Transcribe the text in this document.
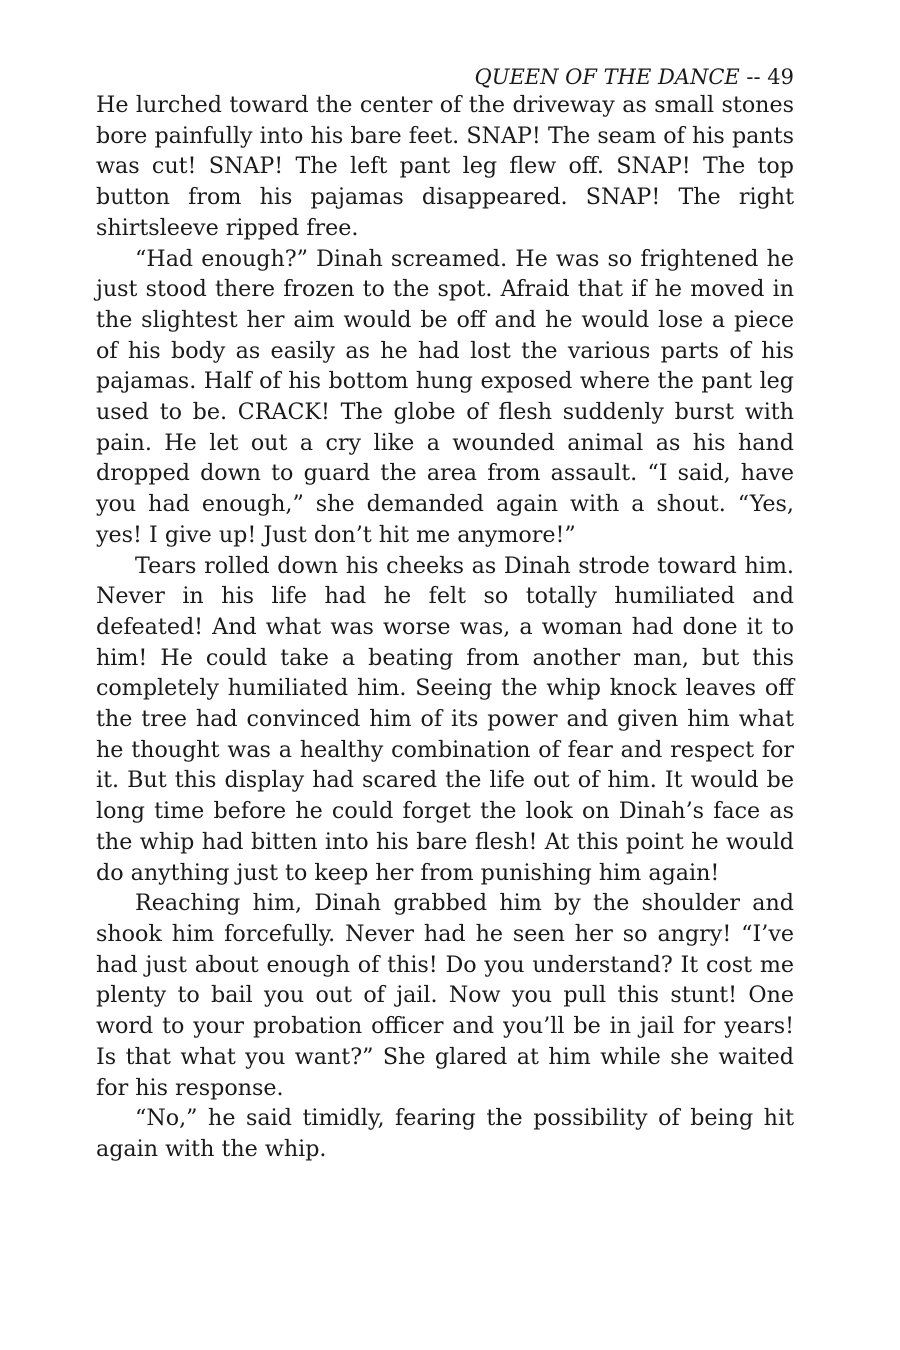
QUEEN OF THE DANCE -- 49

He lurched toward the center of the driveway as small stones bore painfully into his bare feet. SNAP! The seam of his pants was cut! SNAP! The left pant leg flew off. SNAP! The top button from his pajamas disappeared. SNAP! The right shirtsleeve ripped free.

“Had enough?” Dinah screamed. He was so frightened he just stood there frozen to the spot. Afraid that if he moved in the slightest her aim would be off and he would lose a piece of his body as easily as he had lost the various parts of his pajamas. Half of his bottom hung exposed where the pant leg used to be. CRACK! The globe of flesh suddenly burst with pain. He let out a cry like a wounded animal as his hand dropped down to guard the area from assault. “I said, have you had enough,” she demanded again with a shout. “Yes, yes! I give up! Just don’t hit me anymore!”

Tears rolled down his cheeks as Dinah strode toward him. Never in his life had he felt so totally humiliated and defeated! And what was worse was, a woman had done it to him! He could take a beating from another man, but this completely humiliated him. Seeing the whip knock leaves off the tree had convinced him of its power and given him what he thought was a healthy combination of fear and respect for it. But this display had scared the life out of him. It would be long time before he could forget the look on Dinah’s face as the whip had bitten into his bare flesh! At this point he would do anything just to keep her from punishing him again!

Reaching him, Dinah grabbed him by the shoulder and shook him forcefully. Never had he seen her so angry! “I’ve had just about enough of this! Do you understand? It cost me plenty to bail you out of jail. Now you pull this stunt! One word to your probation officer and you’ll be in jail for years! Is that what you want?” She glared at him while she waited for his response.

“No,” he said timidly, fearing the possibility of being hit again with the whip.
